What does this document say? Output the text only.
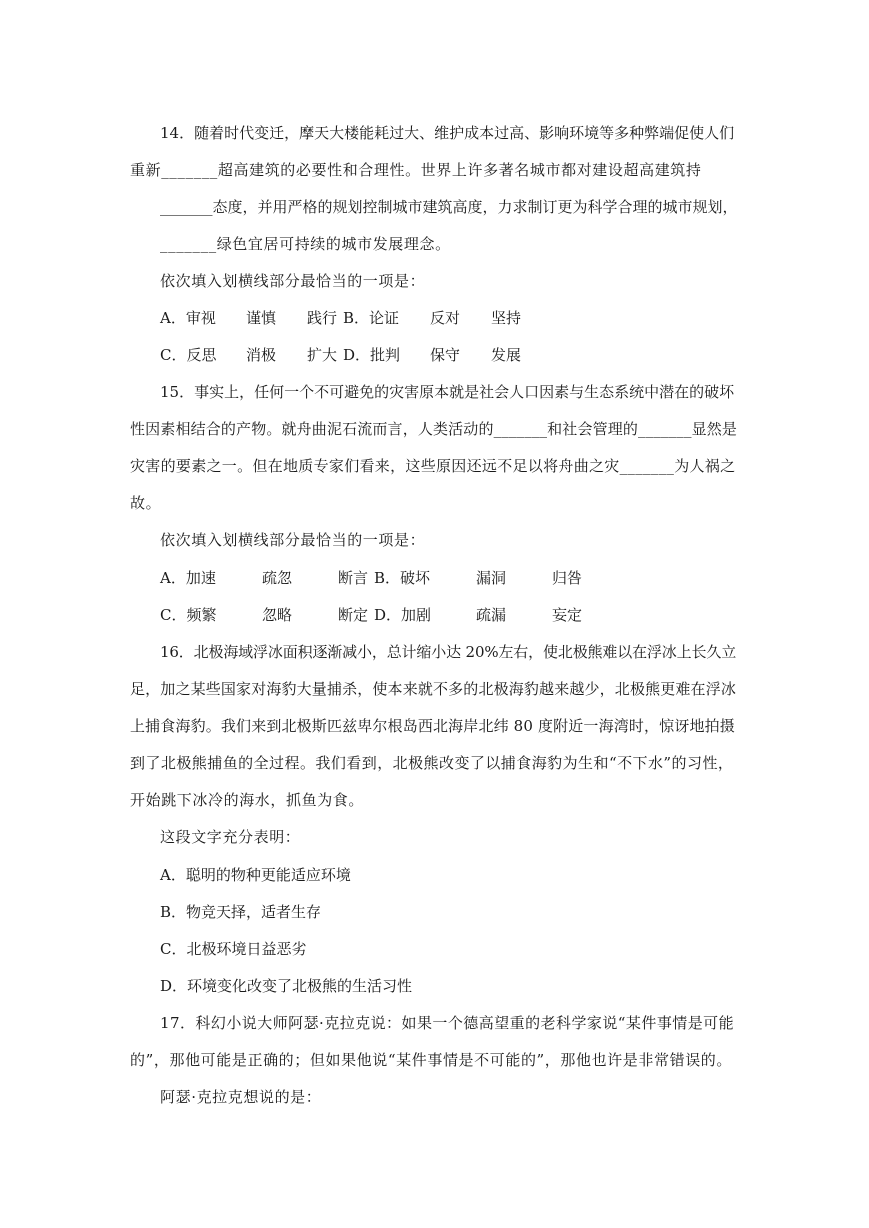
14．随着时代变迁，摩天大楼能耗过大、维护成本过高、影响环境等多种弊端促使人们
重新_______超高建筑的必要性和合理性。世界上许多著名城市都对建设超高建筑持
_______态度，并用严格的规划控制城市建筑高度，力求制订更为科学合理的城市规划，
_______绿色宜居可持续的城市发展理念。
依次填入划横线部分最恰当的一项是：
A．审视 谨慎 践行 B．论证 反对 坚持
C．反思 消极 扩大 D．批判 保守 发展
15．事实上，任何一个不可避免的灾害原本就是社会人口因素与生态系统中潜在的破坏
性因素相结合的产物。就舟曲泥石流而言，人类活动的_______和社会管理的_______显然是
灾害的要素之一。但在地质专家们看来，这些原因还远不足以将舟曲之灾_______为人祸之
故。
依次填入划横线部分最恰当的一项是：
A．加速	疏忽	断言 B．破坏	漏洞	归咎
C．频繁	忽略	断定 D．加剧	疏漏	妄定
16．北极海域浮冰面积逐渐减小，总计缩小达 20%左右，使北极熊难以在浮冰上长久立
足，加之某些国家对海豹大量捕杀，使本来就不多的北极海豹越来越少，北极熊更难在浮冰
上捕食海豹。我们来到北极斯匹兹卑尔根岛西北海岸北纬 80 度附近一海湾时，惊讶地拍摄
到了北极熊捕鱼的全过程。我们看到，北极熊改变了以捕食海豹为生和“不下水”的习性，
开始跳下冰冷的海水，抓鱼为食。
这段文字充分表明：
A．聪明的物种更能适应环境
B．物竞天择，适者生存
C．北极环境日益恶劣
D．环境变化改变了北极熊的生活习性
17．科幻小说大师阿瑟·克拉克说：如果一个德高望重的老科学家说“某件事情是可能
的”，那他可能是正确的；但如果他说“某件事情是不可能的”，那他也许是非常错误的。
阿瑟·克拉克想说的是：
